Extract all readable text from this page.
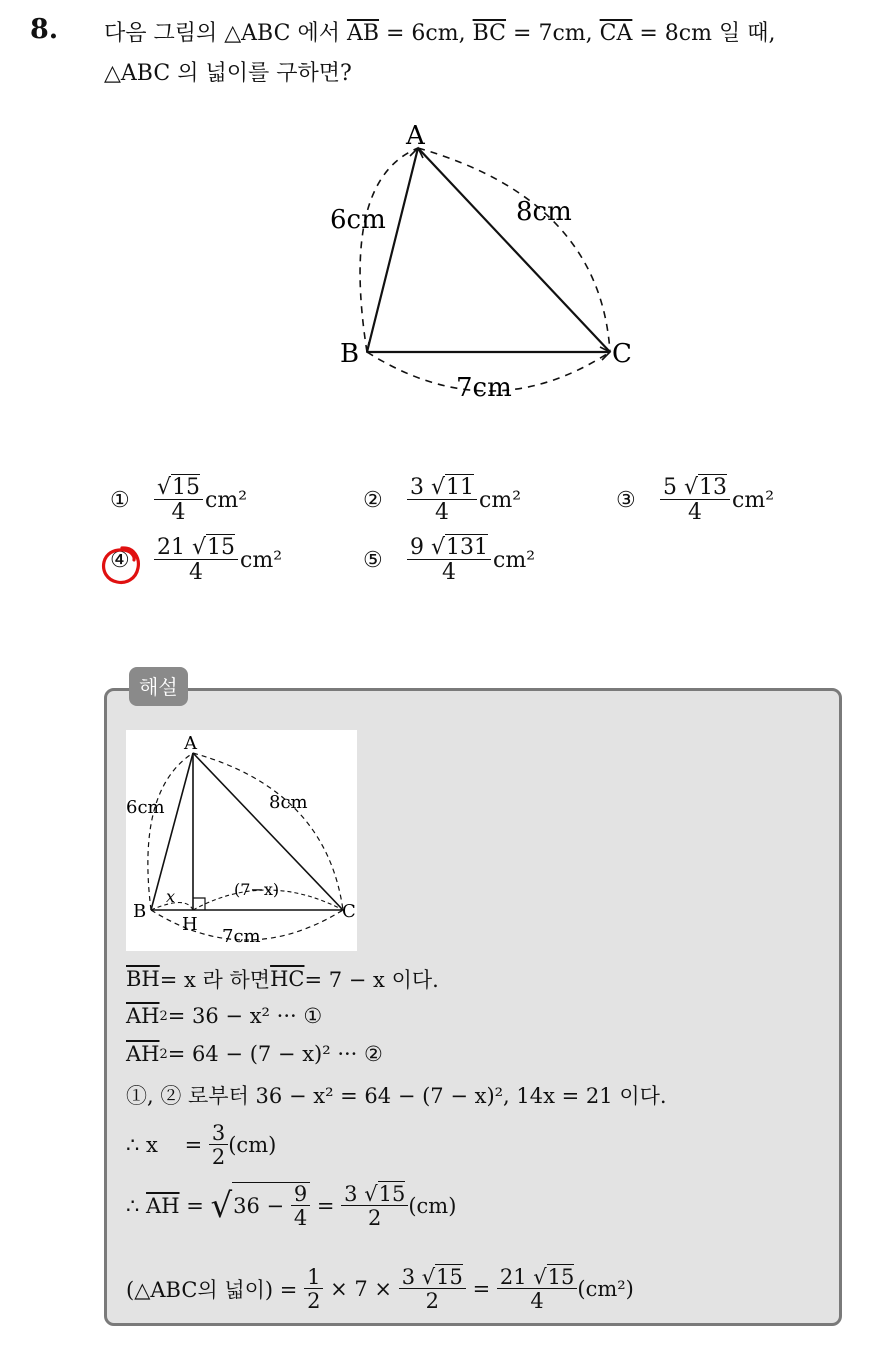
8. 다음 그림의 △ABC 에서 $\overline{AB} = 6cm$, $\overline{BC} = 7cm$, $\overline{CA} = 8cm$ 일 때,
△ABC 의 넓이를 구하면?
A
B	C
6cm	8cm
7cm
①	$\frac{√15}{4} cm^2$	②	$\frac{3 √11}{4} cm^2$	③	$\frac{5 √13}{4} cm^2$
④	$\frac{21 √15}{4} cm^2$	⑤	$\frac{9 √131}{4} cm^2$
해설
A
B	C
H
6cm	8cm
7cm
x	(7−x)
$\overline{BH} = x$ 라 하면 $\overline{HC} = 7 - x$ 이다.
$\overline{AH}$ 2 = 36 − x² ··· ①
$\overline{AH}$ 2 = 64 − (7 − x)² ··· ②
①, ② 로부터 36 − x² = 64 − (7 − x)², 14x = 21 이다.
∴ x    = $\frac{3}{2} (cm)$
∴ $\overline{AH}$ = √ $36 - \frac{9}{4} = \frac{3 √15}{2} (cm)$
(△ABC의 넓이) = $\frac{1}{2} \times 7 \times \frac{3 √15}{2} = \frac{21 √15}{4} (cm^2)$
